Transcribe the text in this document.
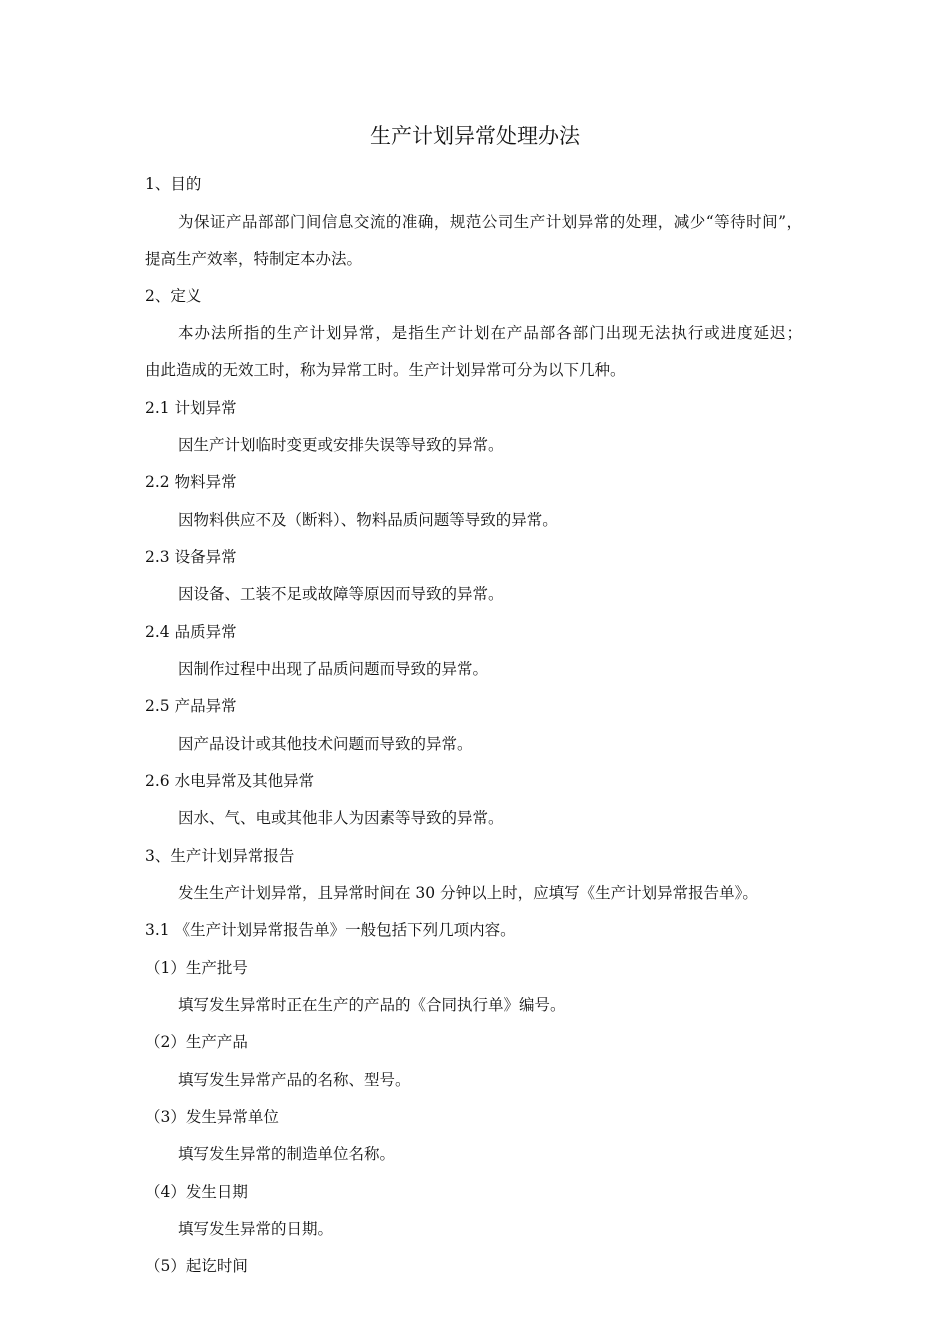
生产计划异常处理办法
1、目的
为保证产品部部门间信息交流的准确，规范公司生产计划异常的处理，减少“等待时间”，
提高生产效率，特制定本办法。
2、定义
本办法所指的生产计划异常，是指生产计划在产品部各部门出现无法执行或进度延迟；
由此造成的无效工时，称为异常工时。生产计划异常可分为以下几种。
2.1 计划异常
因生产计划临时变更或安排失误等导致的异常。
2.2 物料异常
因物料供应不及（断料）、物料品质问题等导致的异常。
2.3 设备异常
因设备、工装不足或故障等原因而导致的异常。
2.4 品质异常
因制作过程中出现了品质问题而导致的异常。
2.5 产品异常
因产品设计或其他技术问题而导致的异常。
2.6 水电异常及其他异常
因水、气、电或其他非人为因素等导致的异常。
3、生产计划异常报告
发生生产计划异常，且异常时间在 30 分钟以上时，应填写《生产计划异常报告单》。
3.1 《生产计划异常报告单》一般包括下列几项内容。
（1）生产批号
填写发生异常时正在生产的产品的《合同执行单》编号。
（2）生产产品
填写发生异常产品的名称、型号。
（3）发生异常单位
填写发生异常的制造单位名称。
（4）发生日期
填写发生异常的日期。
（5）起讫时间
